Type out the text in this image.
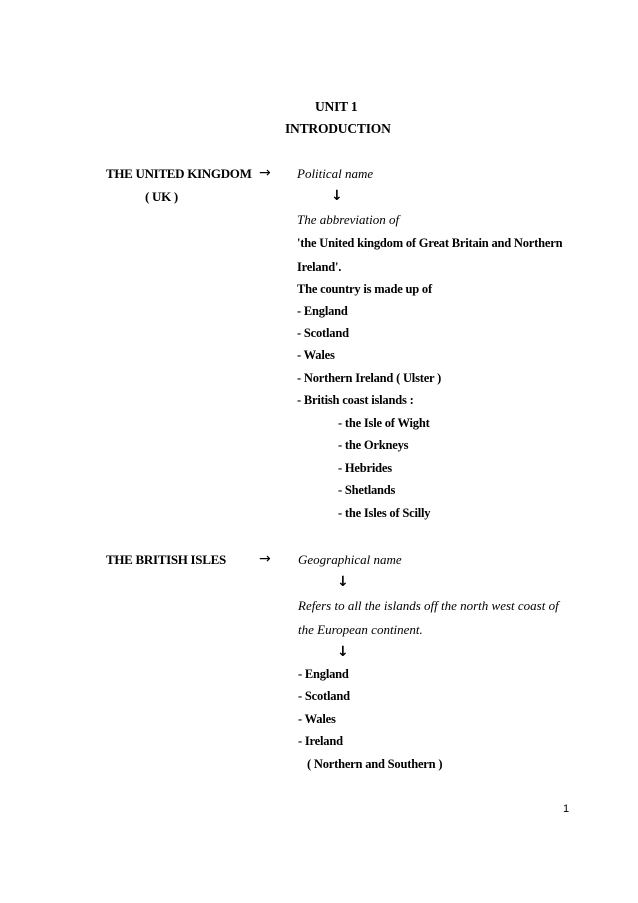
UNIT 1
INTRODUCTION
THE UNITED KINGDOM →
( UK )
Political name
↓
The abbreviation of
'the United kingdom of Great Britain and Northern
Ireland'.
The country is made up of
- England
- Scotland
- Wales
- Northern Ireland ( Ulster )
- British coast islands :
- the Isle of Wight
- the Orkneys
- Hebrides
- Shetlands
- the Isles of Scilly
THE BRITISH ISLES → Geographical name
↓
Refers to all the islands off the north west coast of
the European continent.
↓
- England
- Scotland
- Wales
- Ireland
( Northern and Southern )
1
